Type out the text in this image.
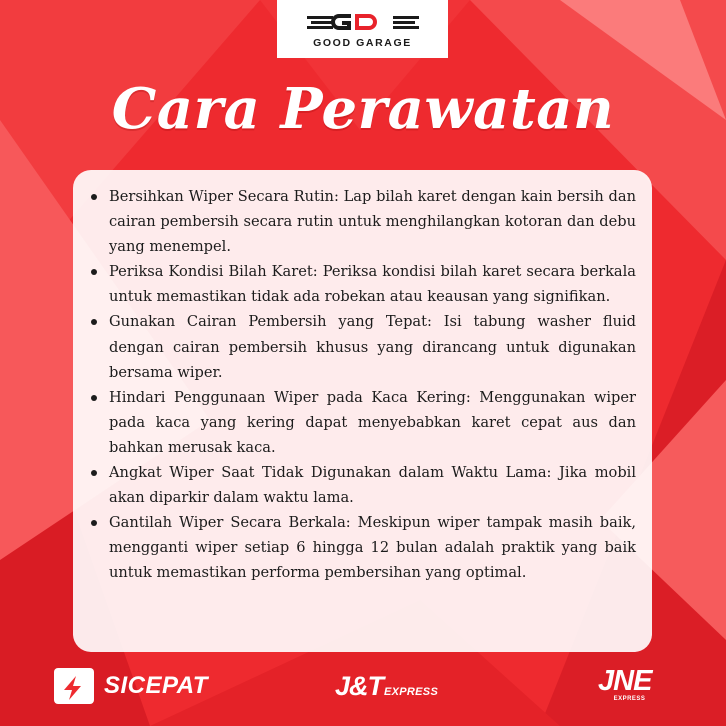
GOOD GARAGE
Cara Perawatan
Bersihkan Wiper Secara Rutin: Lap bilah karet dengan kain bersih dan cairan pembersih secara rutin untuk menghilangkan kotoran dan debu yang menempel.
Periksa Kondisi Bilah Karet: Periksa kondisi bilah karet secara berkala untuk memastikan tidak ada robekan atau keausan yang signifikan.
Gunakan Cairan Pembersih yang Tepat: Isi tabung washer fluid dengan cairan pembersih khusus yang dirancang untuk digunakan bersama wiper.
Hindari Penggunaan Wiper pada Kaca Kering: Menggunakan wiper pada kaca yang kering dapat menyebabkan karet cepat aus dan bahkan merusak kaca.
Angkat Wiper Saat Tidak Digunakan dalam Waktu Lama: Jika mobil akan diparkir dalam waktu lama.
Gantilah Wiper Secara Berkala: Meskipun wiper tampak masih baik, mengganti wiper setiap 6 hingga 12 bulan adalah praktik yang baik untuk memastikan performa pembersihan yang optimal.
SICEPAT	J&T EXPRESS	JNE
EXPRESS
